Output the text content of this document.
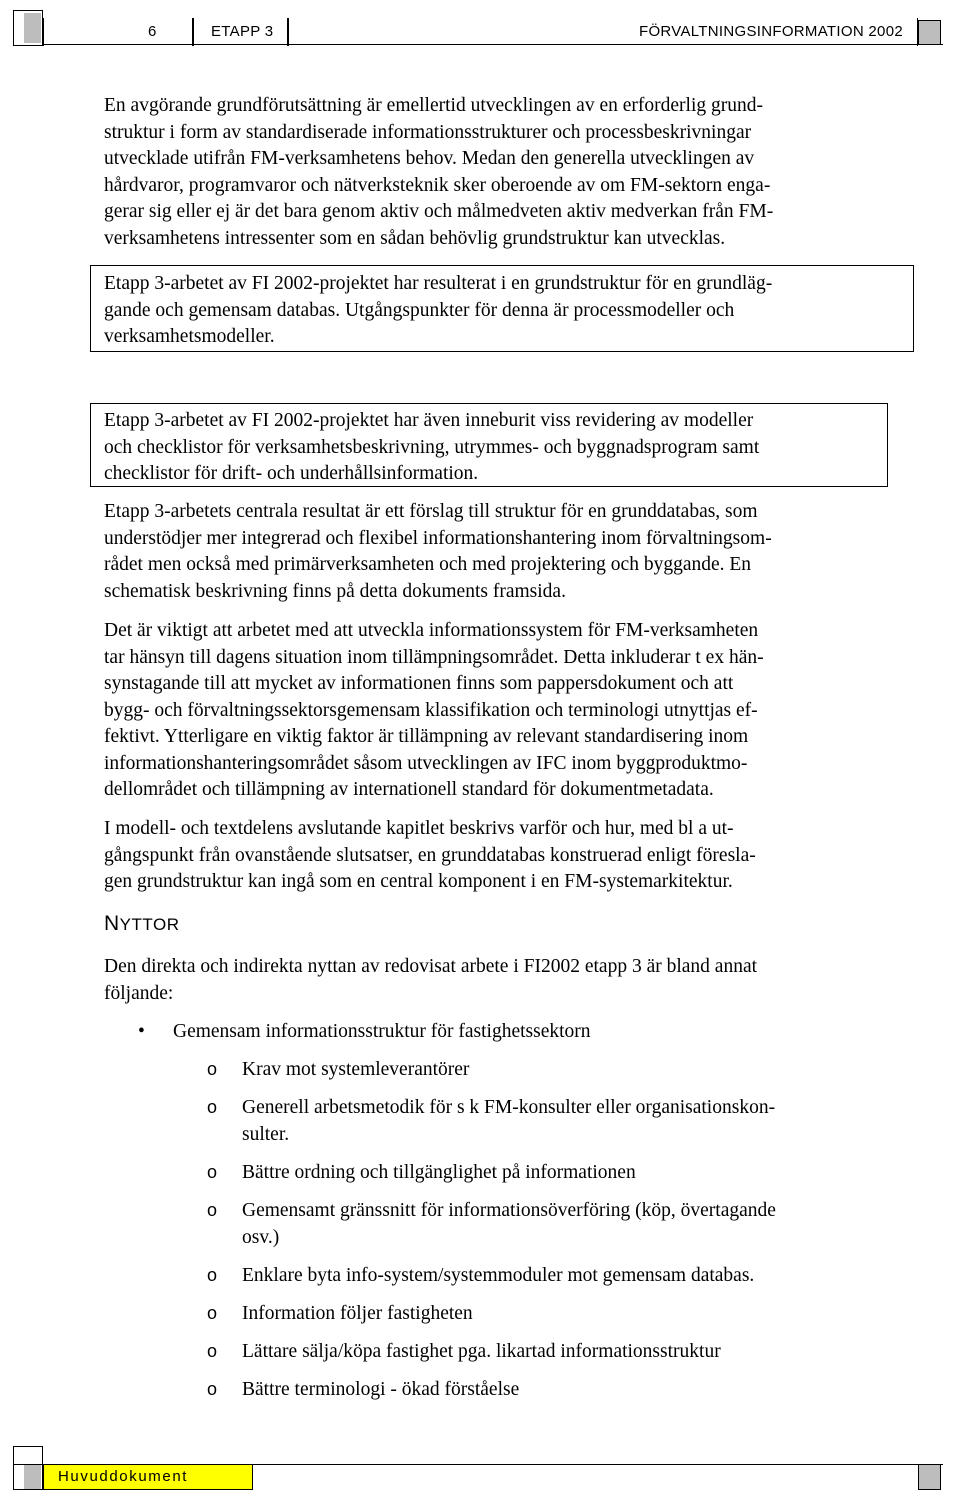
6	ETAPP 3	FÖRVALTNINGSINFORMATION 2002

En avgörande grundförutsättning är emellertid utvecklingen av en erforderlig grund-

struktur i form av standardiserade informationsstrukturer och processbeskrivningar

utvecklade utifrån FM-verksamhetens behov. Medan den generella utvecklingen av

hårdvaror, programvaror och nätverksteknik sker oberoende av om FM-sektorn enga-

gerar sig eller ej är det bara genom aktiv och målmedveten aktiv medverkan från FM-

verksamhetens intressenter som en sådan behövlig grundstruktur kan utvecklas.

Etapp 3-arbetet av FI 2002-projektet har resulterat i en grundstruktur för en grundläg-

gande och gemensam databas. Utgångspunkter för denna är processmodeller och

verksamhetsmodeller.

Etapp 3-arbetet av FI 2002-projektet har även inneburit viss revidering av modeller

och checklistor för verksamhetsbeskrivning, utrymmes- och byggnadsprogram samt

checklistor för drift- och underhållsinformation.

Etapp 3-arbetets centrala resultat är ett förslag till struktur för en grunddatabas, som

understödjer mer integrerad och flexibel informationshantering inom förvaltningsom-

rådet men också med primärverksamheten och med projektering och byggande. En

schematisk beskrivning finns på detta dokuments framsida.

Det är viktigt att arbetet med att utveckla informationssystem för FM-verksamheten

tar hänsyn till dagens situation inom tillämpningsområdet. Detta inkluderar t ex hän-

synstagande till att mycket av informationen finns som pappersdokument och att

bygg- och förvaltningssektorsgemensam klassifikation och terminologi utnyttjas ef-

fektivt. Ytterligare en viktig faktor är tillämpning av relevant standardisering inom

informationshanteringsområdet såsom utvecklingen av IFC inom byggproduktmo-

dellområdet och tillämpning av internationell standard för dokumentmetadata.

I modell- och textdelens avslutande kapitlet beskrivs varför och hur, med bl a ut-

gångspunkt från ovanstående slutsatser, en grunddatabas konstruerad enligt föresla-

gen grundstruktur kan ingå som en central komponent i en FM-systemarkitektur.

NYTTOR

Den direkta och indirekta nyttan av redovisat arbete i FI2002 etapp 3 är bland annat

följande:

• Gemensam informationsstruktur för fastighetssektorn
o Krav mot systemleverantörer
o Generell arbetsmetodik för s k FM-konsulter eller organisationskon-
sulter.
o Bättre ordning och tillgänglighet på informationen
o Gemensamt gränssnitt för informationsöverföring (köp, övertagande
osv.)
o Enklare byta info-system/systemmoduler mot gemensam databas.
o Information följer fastigheten
o Lättare sälja/köpa fastighet pga. likartad informationsstruktur
o Bättre terminologi - ökad förståelse
Huvuddokument
